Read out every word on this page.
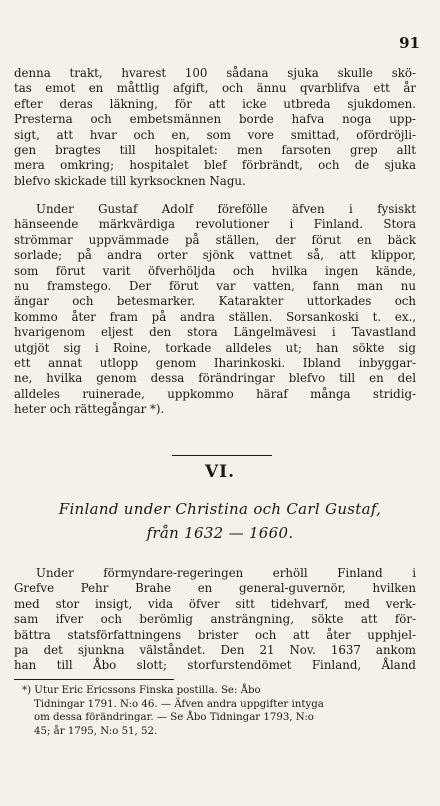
91
denna trakt, hvarest 100 sådana sjuka skulle skö-
tas emot en måttlig afgift, och ännu qvarblifva ett år
efter deras läkning, för att icke utbreda sjukdomen.
Presterna och embetsmännen borde hafva noga upp-
sigt, att hvar och en, som vore smittad, ofördröjli-
gen bragtes till hospitalet: men farsoten grep allt
mera omkring; hospitalet blef förbrändt, och de sjuka
blefvo skickade till kyrksocknen Nagu.
Under Gustaf Adolf förefölle äfven i fysiskt
hänseende märkvärdiga revolutioner i Finland. Stora
strömmar uppvämmade på ställen, der förut en bäck
sorlade; på andra orter sjönk vattnet så, att klippor,
som förut varit öfverhöljda och hvilka ingen kände,
nu framstego. Der förut var vatten, fann man nu
ängar och betesmarker. Katarakter uttorkades och
kommo åter fram på andra ställen. Sorsankoski t. ex.,
hvarigenom eljest den stora Längelmävesi i Tavastland
utgjöt sig i Roine, torkade alldeles ut; han sökte sig
ett annat utlopp genom Iharinkoski. Ibland inbyggar-
ne, hvilka genom dessa förändringar blefvo till en del
alldeles ruinerade, uppkommo häraf många stridig-
heter och rättegångar *).
VI.
Finland under Christina och Carl Gustaf,
från 1632 — 1660.
Under förmyndare-regeringen erhöll Finland i
Grefve Pehr Brahe en general-guvernör, hvilken
med stor insigt, vida öfver sitt tidehvarf, med verk-
sam ifver och berömlig ansträngning, sökte att för-
bättra statsförfattningens brister och att åter upphjel-
pa det sjunkna välståndet. Den 21 Nov. 1637 ankom
han till Åbo slott; storfurstendömet Finland, Åland
*) Utur Eric Ericssons Finska postilla. Se: Åbo
Tidningar 1791. N:o 46. — Äfven andra uppgifter intyga
om dessa förändringar. — Se Åbo Tidningar 1793, N:o
45; år 1795, N:o 51, 52.
